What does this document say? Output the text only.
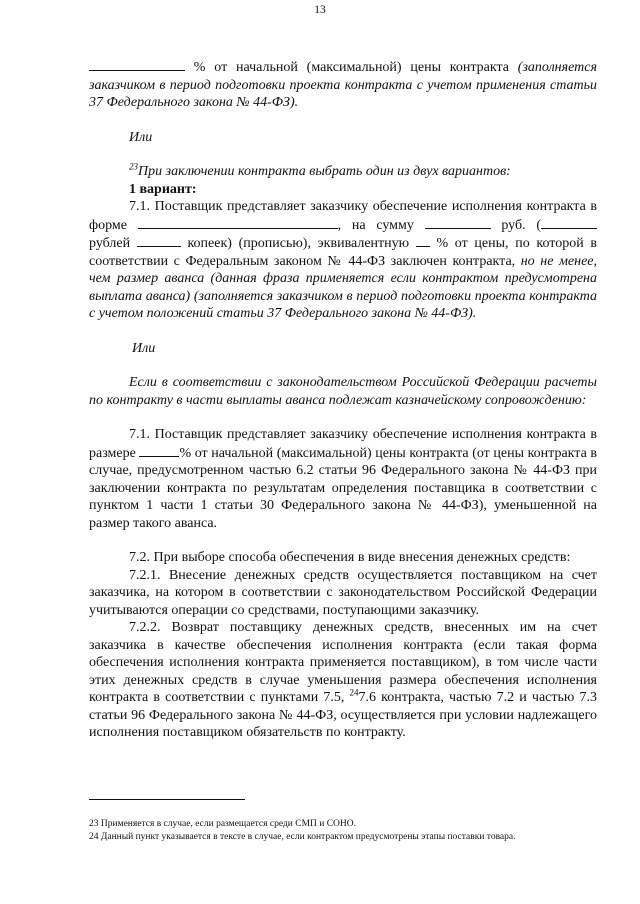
13

% от начальной (максимальной) цены контракта (заполняется заказчиком в период подготовки проекта контракта с учетом применения статьи 37 Федерального закона № 44-ФЗ).

Или

$^{23}$При заключении контракта выбрать один из двух вариантов:

1 вариант:

7.1. Поставщик представляет заказчику обеспечение исполнения контракта в форме	, на сумму	руб. ( рублей	копеек) (прописью), эквивалентную  % от цены, по которой в соответствии с Федеральным законом № 44-ФЗ заключен контракта, но не менее, чем размер аванса (данная фраза применяется если контрактом предусмотрена выплата аванса) (заполняется заказчиком в период подготовки проекта контракта с учетом положений статьи 37 Федерального закона № 44-ФЗ).

Или

Если в соответствии с законодательством Российской Федерации расчеты по контракту в части выплаты аванса подлежат казначейскому сопровождению:

7.1. Поставщик представляет заказчику обеспечение исполнения контракта в размере	% от начальной (максимальной) цены контракта (от цены контракта в случае, предусмотренном частью 6.2 статьи 96 Федерального закона № 44-ФЗ при заключении контракта по результатам определения поставщика в соответствии с пунктом 1 части 1 статьи 30 Федерального закона № 44-ФЗ), уменьшенной на размер такого аванса.

7.2. При выборе способа обеспечения в виде внесения денежных средств:

7.2.1. Внесение денежных средств осуществляется поставщиком на счет заказчика, на котором в соответствии с законодательством Российской Федерации учитываются операции со средствами, поступающими заказчику.

7.2.2. Возврат поставщику денежных средств, внесенных им на счет заказчика в качестве обеспечения исполнения контракта (если такая форма обеспечения исполнения контракта применяется поставщиком), в том числе части этих денежных средств в случае уменьшения размера обеспечения исполнения контракта в соответствии с пунктами 7.5, $^{24}$7.6 контракта, частью 7.2 и частью 7.3 статьи 96 Федерального закона № 44-ФЗ, осуществляется при условии надлежащего исполнения поставщиком обязательств по контракту.

23 Применяется в случае, если размещается среди СМП и СОНО.
24 Данный пункт указывается в тексте в случае, если контрактом предусмотрены этапы поставки товара.
